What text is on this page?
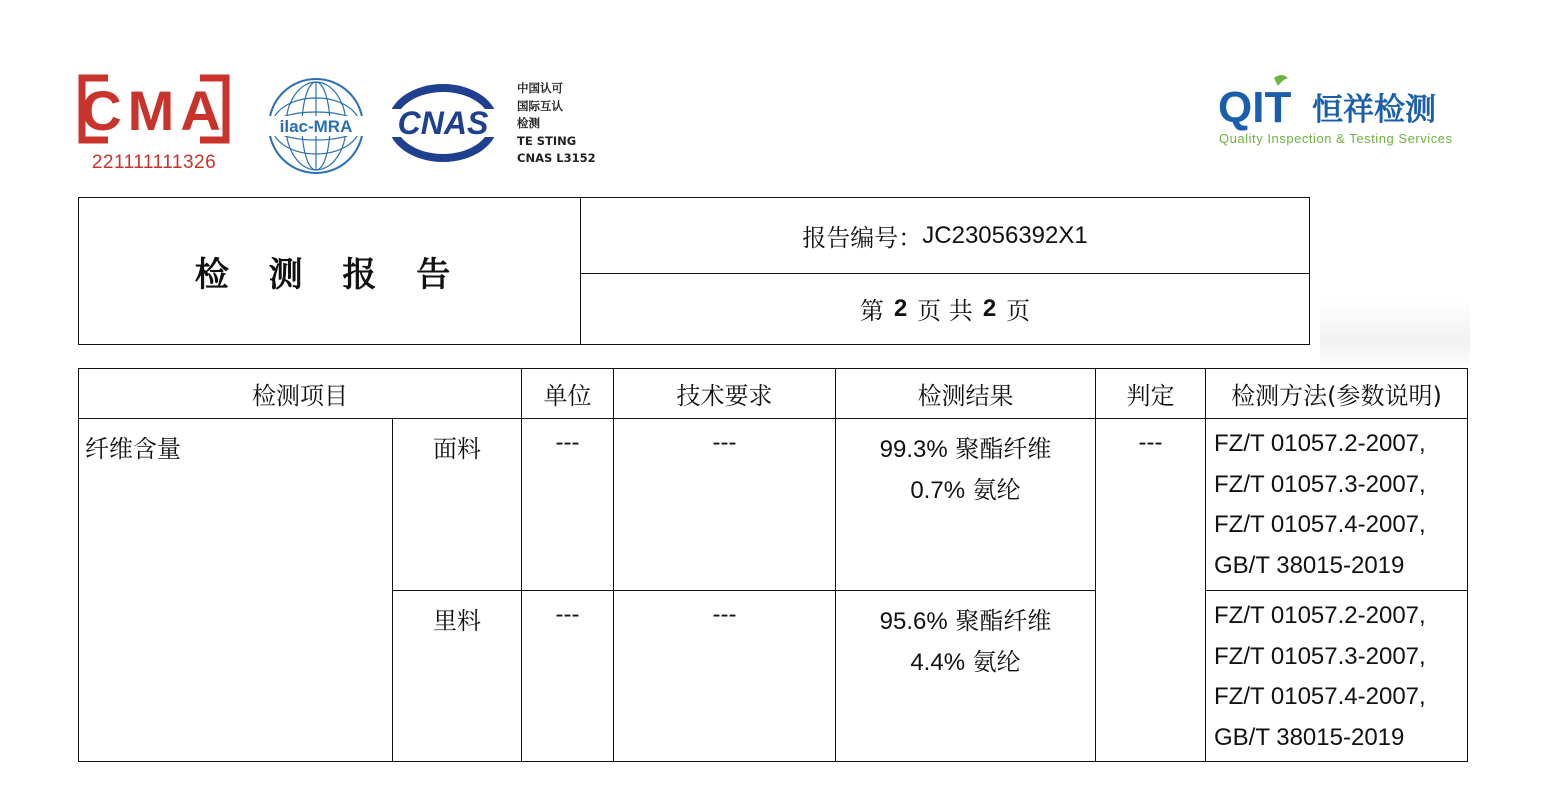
CMA
221111111326
ilac-MRA CNAS
中国认可
国际互认
检测
TE STING
CNAS L3152
QIT 恒祥检测
Quality Inspection & Testing Services
检 测 报 告
报告编号： JC23056392X1
第 2 页 共 2 页
检测项目		单位	技术要求	检测结果	判定	检测方法(参数说明)
纤维含量	面料	---	---	99.3% 聚酯纤维
0.7% 氨纶	---	FZ/T 01057.2-2007,
FZ/T 01057.3-2007,
FZ/T 01057.4-2007,
GB/T 38015-2019

	里料	---	---	95.6% 聚酯纤维
4.4% 氨纶		FZ/T 01057.2-2007,
FZ/T 01057.3-2007,
FZ/T 01057.4-2007,
GB/T 38015-2019
